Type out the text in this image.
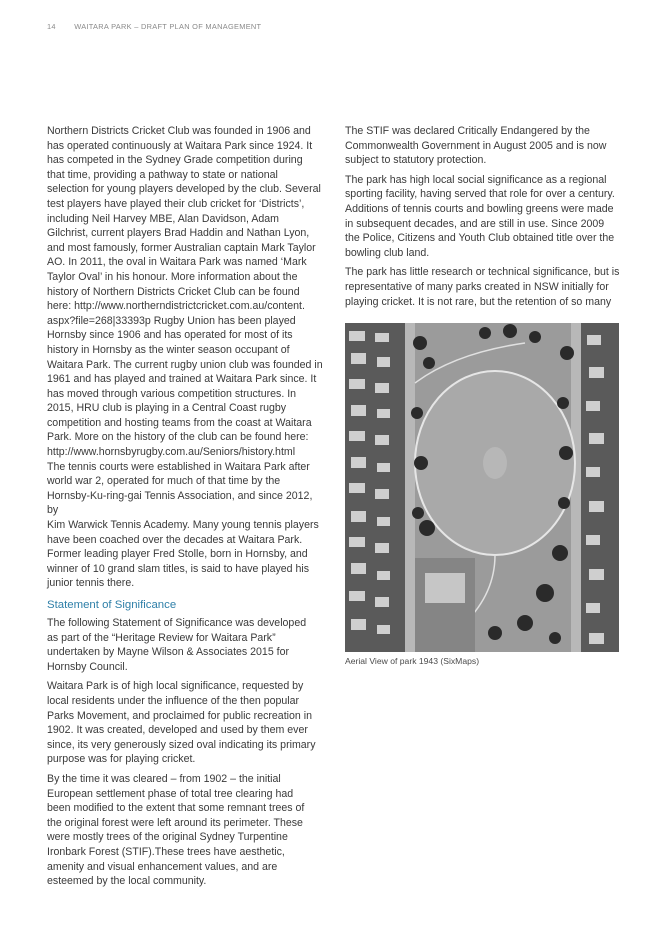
14 WAITARA PARK – DRAFT PLAN OF MANAGEMENT

Northern Districts Cricket Club was founded in 1906 and
has operated continuously at Waitara Park since 1924. It
has competed in the Sydney Grade competition during
that time, providing a pathway to state or national
selection for young players developed by the club. Several
test players have played their club cricket for ‘Districts’,
including Neil Harvey MBE, Alan Davidson, Adam
Gilchrist, current players Brad Haddin and Nathan Lyon,
and most famously, former Australian captain Mark Taylor
AO. In 2011, the oval in Waitara Park was named ‘Mark
Taylor Oval’ in his honour. More information about the
history of Northern Districts Cricket Club can be found
here: http://www.northerndistrictcricket.com.au/content.
aspx?file=268|33393p Rugby Union has been played
Hornsby since 1906 and has operated for most of its
history in Hornsby as the winter season occupant of
Waitara Park. The current rugby union club was founded in
1961 and has played and trained at Waitara Park since. It
has moved through various competition structures. In
2015, HRU club is playing in a Central Coast rugby
competition and hosting teams from the coast at Waitara
Park. More on the history of the club can be found here:
http://www.hornsbyrugby.com.au/Seniors/history.html
The tennis courts were established in Waitara Park after
world war 2, operated for much of that time by the
Hornsby-Ku-ring-gai Tennis Association, and since 2012, by
Kim Warwick Tennis Academy. Many young tennis players
have been coached over the decades at Waitara Park.
Former leading player Fred Stolle, born in Hornsby, and
winner of 10 grand slam titles, is said to have played his
junior tennis there.

Statement of Significance

The following Statement of Significance was developed
as part of the “Heritage Review for Waitara Park”
undertaken by Mayne Wilson & Associates 2015 for
Hornsby Council.

Waitara Park is of high local significance, requested by
local residents under the influence of the then popular
Parks Movement, and proclaimed for public recreation in
1902. It was created, developed and used by them ever
since, its very generously sized oval indicating its primary
purpose was for playing cricket.

By the time it was cleared – from 1902 – the initial
European settlement phase of total tree clearing had
been modified to the extent that some remnant trees of
the original forest were left around its perimeter. These
were mostly trees of the original Sydney Turpentine
Ironbark Forest (STIF).These trees have aesthetic,
amenity and visual enhancement values, and are
esteemed by the local community.

The STIF was declared Critically Endangered by the
Commonwealth Government in August 2005 and is now
subject to statutory protection.

The park has high local social significance as a regional
sporting facility, having served that role for over a century.
Additions of tennis courts and bowling greens were made
in subsequent decades, and are still in use. Since 2009
the Police, Citizens and Youth Club obtained title over the
bowling club land.

The park has little research or technical significance, but is
representative of many parks created in NSW initially for
playing cricket. It is not rare, but the retention of so many

Aerial View of park 1943 (SixMaps)
